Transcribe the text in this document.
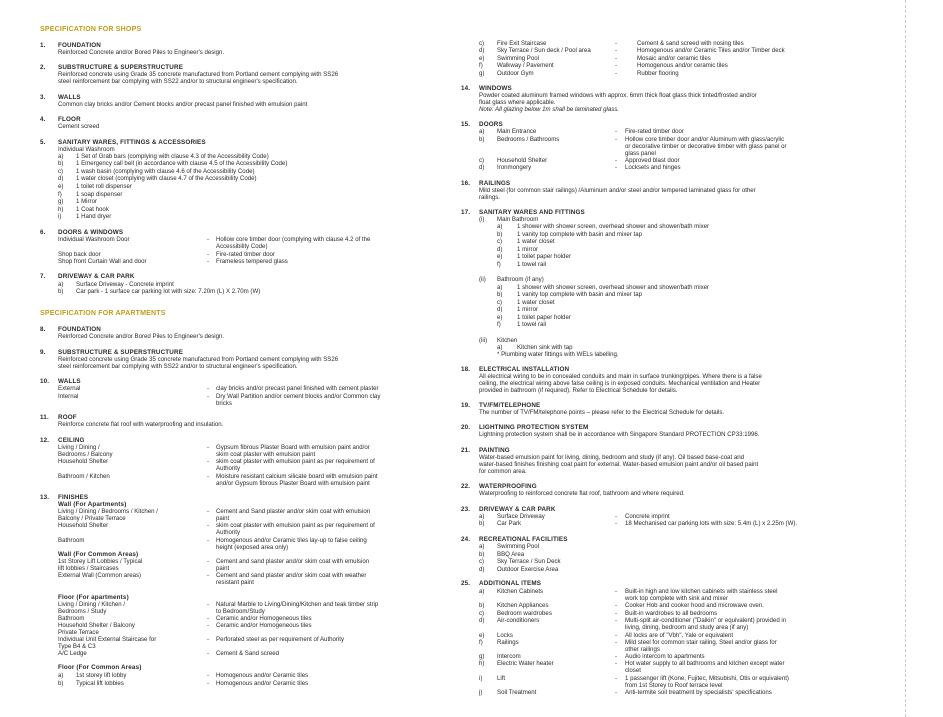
SPECIFICATION FOR SHOPS
1. FOUNDATION
Reinforced Concrete and/or Bored Piles to Engineer's design.
2. SUBSTRUCTURE & SUPERSTRUCTURE
Reinforced concrete using Grade 35 concrete manufactured from Portland cement complying with SS26
steel reinforcement bar complying with SS22 and/or to structural engineer's specification.
3. WALLS
Common clay bricks and/or Cement blocks and/or precast panel finished with emulsion paint
4. FLOOR
Cement screed
5. SANITARY WARES, FITTINGS & ACCESSORIES
Individual Washroom
a) 1 Set of Grab bars (complying with clause 4.3 of the Accessibility Code)
b) 1 Emergency call bell (in accordance with clause 4.5 of the Accessibility Code)
c) 1 wash basin (complying with clause 4.6 of the Accessibility Code)
d) 1 water closet (complying with clause 4.7 of the Accessibility Code)
e) 1 toilet roll dispenser
f) 1 soap dispenser
g) 1 Mirror
h) 1 Coat hook
i) 1 Hand dryer
6. DOORS & WINDOWS
Individual Washroom Door	- Hollow core timber door (complying with clause 4.2 of the
Accessibility Code)
Shop back door	- Fire-rated timber door
Shop front Curtain Wall and door	- Frameless tempered glass
7. DRIVEWAY & CAR PARK
a) Surface Driveway - Concrete imprint
b) Car park - 1 surface car parking lot with size: 7.20m (L) X 2.70m (W)
SPECIFICATION FOR APARTMENTS
8. FOUNDATION
Reinforced Concrete and/or Bored Piles to Engineer's design.
9. SUBSTRUCTURE & SUPERSTRUCTURE
Reinforced concrete using Grade 35 concrete manufactured from Portland cement complying with SS26
steel reinforcement bar complying with SS22 and/or to structural engineer's specification.
10. WALLS
External	- clay bricks and/or precast panel finished with cement plaster
Internal	- Dry Wall Partition and/or cement blocks and/or Common clay
bricks
11. ROOF
Reinforce concrete flat roof with waterproofing and insulation.
12. CEILING
Living / Dining /	- Gypsum fibrous Plaster Board with emulsion paint and/or
Bedrooms / Balcony	skim coat plaster with emulsion paint
Household Shelter	- skim coat plaster with emulsion paint as per requirement of
Authority
Bathroom / Kitchen	- Moisture resistant calcium silicate board with emulsion paint
and/or Gypsum fibrous Plaster Board with emulsion paint
13. FINISHES
Wall (For Apartments)
Living / Dining / Bedrooms / Kitchen /	- Cement and Sand plaster and/or skim coat with emulsion
Balcony / Private Terrace	paint
Household Shelter	- skim coat plaster with emulsion paint as per requirement of
Authority
Bathroom	- Homogenous and/or Ceramic tiles lay-up to false ceiling
height (exposed area only)
Wall (For Common Areas)
1st Storey Lift Lobbies / Typical	- Cement and sand plaster and/or skim coat with emulsion
lift lobbies / Staircases	paint
External Wall (Common areas)	- Cement and sand plaster and/or skim coat with weather
resistant paint
Floor (For apartments)
Living / Dining / Kitchen /	- Natural Marble to Living/Dining/Kitchen and teak timber strip
Bedrooms / Study	to Bedroom/Study
Bathroom	- Ceramic and/or Homogeneous tiles
Household Shelter / Balcony	- Ceramic and/or Homogeneous tiles
Private Terrace
Individual Unit External Staircase for	- Perforated steel as per requirement of Authority
Type B4 & C3
A/C Ledge	- Cement & Sand screed
Floor (For Common Areas)
a) 1st storey lift lobby	- Homogenous and/or Ceramic tiles
b) Typical lift lobbies	- Homogenous and/or Ceramic tiles
c) Fire Exit Staircase	-	Cement & sand screed with nosing tiles
d) Sky Terrace / Sun deck / Pool area	-	Homogenous and/or Ceramic Tiles and/or Timber deck
e) Swimming Pool	-	Mosaic and/or ceramic tiles
f) Walkway / Pavement	-	Homogenous and/or ceramic tiles
g) Outdoor Gym	-	Rubber flooring
14. WINDOWS
Powder coated aluminum framed windows with approx. 6mm thick float glass thick tinted/frosted and/or
float glass where applicable.
Note: All glazing below 1m shall be laminated glass.
15. DOORS
a) Main Entrance	- Fire-rated timber door
b) Bedrooms / Bathrooms	- Hollow core timber door and/or Aluminum with glass/acrylic
or decorative timber or decorative timber with glass panel or
glass panel
c) Household Shelter	- Approved blast door
d) Ironmongery	- Locksets and hinges
16. RAILINGS
Mild steel (for common stair railings) /Aluminum and/or steel and/or tempered laminated glass for other
railings.
17. SANITARY WARES AND FITTINGS
(i) Main Bathroom
a) 1 shower with shower screen, overhead shower and shower/bath mixer
b) 1 vanity top complete with basin and mixer tap
c) 1 water closet
d) 1 mirror
e) 1 toilet paper holder
f)	1 towel rail
(ii) Bathroom (if any)
a) 1 shower with shower screen, overhead shower and shower/bath mixer
b) 1 vanity top complete with basin and mixer tap
c) 1 water closet
d) 1 mirror
e) 1 toilet paper holder
f)	1 towel rail
(iii) Kitchen
a) Kitchen sink with tap
* Plumbing water fittings with WELs labelling.
18. ELECTRICAL INSTALLATION
All electrical wiring to be in concealed conduits and main in surface trunking/pipes. Where there is a false
ceiling, the electrical wiring above false ceiling is in exposed conduits. Mechanical ventilation and Heater
provided in bathroom (if required). Refer to Electrical Schedule for details.
19. TV/FM/TELEPHONE
The number of TV/FM/telephone points – please refer to the Electrical Schedule for details.
20. LIGHTNING PROTECTION SYSTEM
Lightning protection system shall be in accordance with Singapore Standard PROTECTION CP33:1996.
21. PAINTING
Water-based emulsion paint for living, dining, bedroom and study (if any). Oil based base-coat and
water-based finishes finishing coat paint for external. Water-based emulsion paint and/or oil based paint
for common area.
22. WATERPROOFING
Waterproofing to reinforced concrete flat roof, bathroom and where required.
23. DRIVEWAY & CAR PARK
a) Surface Driveway	- Concrete imprint
b) Car Park	- 18 Mechanised car parking lots with size: 5.4m (L) x 2.25m (W).
24. RECREATIONAL FACILITIES
a) Swimming Pool
b) BBQ Area
c) Sky Terrace / Sun Deck
d) Outdoor Exercise Area
25. ADDITIONAL ITEMS
a) Kitchen Cabinets	- Built-in high and low kitchen cabinets with stainless steel
work top complete with sink and mixer
b) Kitchen Appliances	- Cooker Hob and cooker hood and microwave oven.
c) Bedroom wardrobes	- Built-in wardrobes to all bedrooms
d) Air-conditioners	- Multi-split air-conditioner ("Daikin" or equivalent) provided in
living, dining, bedroom and study area (if any)
e) Locks	- All locks are of "Vbh", Yale or equivalent
f) Railings	- Mild steel for common stair railing. Steel and/or glass for
other railings
g) Intercom	- Audio intercom to apartments
h) Electric Water heater	- Hot water supply to all bathrooms and kitchen except water
closet
i) Lift	- 1 passenger lift (Kone, Fujitec, Mitsubishi, Otis or equivalent)
from 1st Storey to Roof terrace level
j) Soil Treatment	- Anti-termite soil treatment by specialists' specifications
